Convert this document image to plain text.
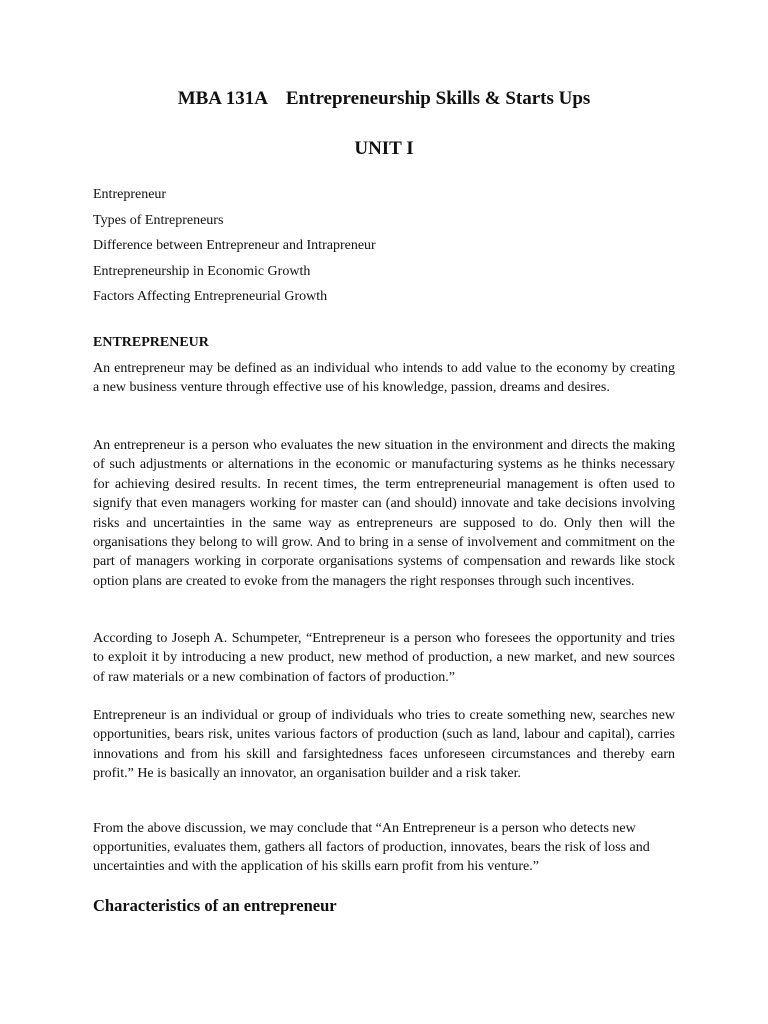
MBA 131A    Entrepreneurship Skills & Starts Ups
UNIT I
Entrepreneur
Types of Entrepreneurs
Difference between Entrepreneur and Intrapreneur
Entrepreneurship in Economic Growth
Factors Affecting Entrepreneurial Growth
ENTREPRENEUR

An entrepreneur may be defined as an individual who intends to add value to the economy by creating a new business venture through effective use of his knowledge, passion, dreams and desires.

An entrepreneur is a person who evaluates the new situation in the environment and directs the making of such adjustments or alternations in the economic or manufacturing systems as he thinks necessary for achieving desired results. In recent times, the term entrepreneurial management is often used to signify that even managers working for master can (and should) innovate and take decisions involving risks and uncertainties in the same way as entrepreneurs are supposed to do. Only then will the organisations they belong to will grow. And to bring in a sense of involvement and commitment on the part of managers working in corporate organisations systems of compensation and rewards like stock option plans are created to evoke from the managers the right responses through such incentives.

According to Joseph A. Schumpeter, “Entrepreneur is a person who foresees the opportunity and tries to exploit it by introducing a new product, new method of production, a new market, and new sources of raw materials or a new combination of factors of production.”

Entrepreneur is an individual or group of individuals who tries to create something new, searches new opportunities, bears risk, unites various factors of production (such as land, labour and capital), carries innovations and from his skill and farsightedness faces unforeseen circumstances and thereby earn profit.” He is basically an innovator, an organisation builder and a risk taker.

From the above discussion, we may conclude that “An Entrepreneur is a person who detects new opportunities, evaluates them, gathers all factors of production, innovates, bears the risk of loss and uncertainties and with the application of his skills earn profit from his venture.”

Characteristics of an entrepreneur
